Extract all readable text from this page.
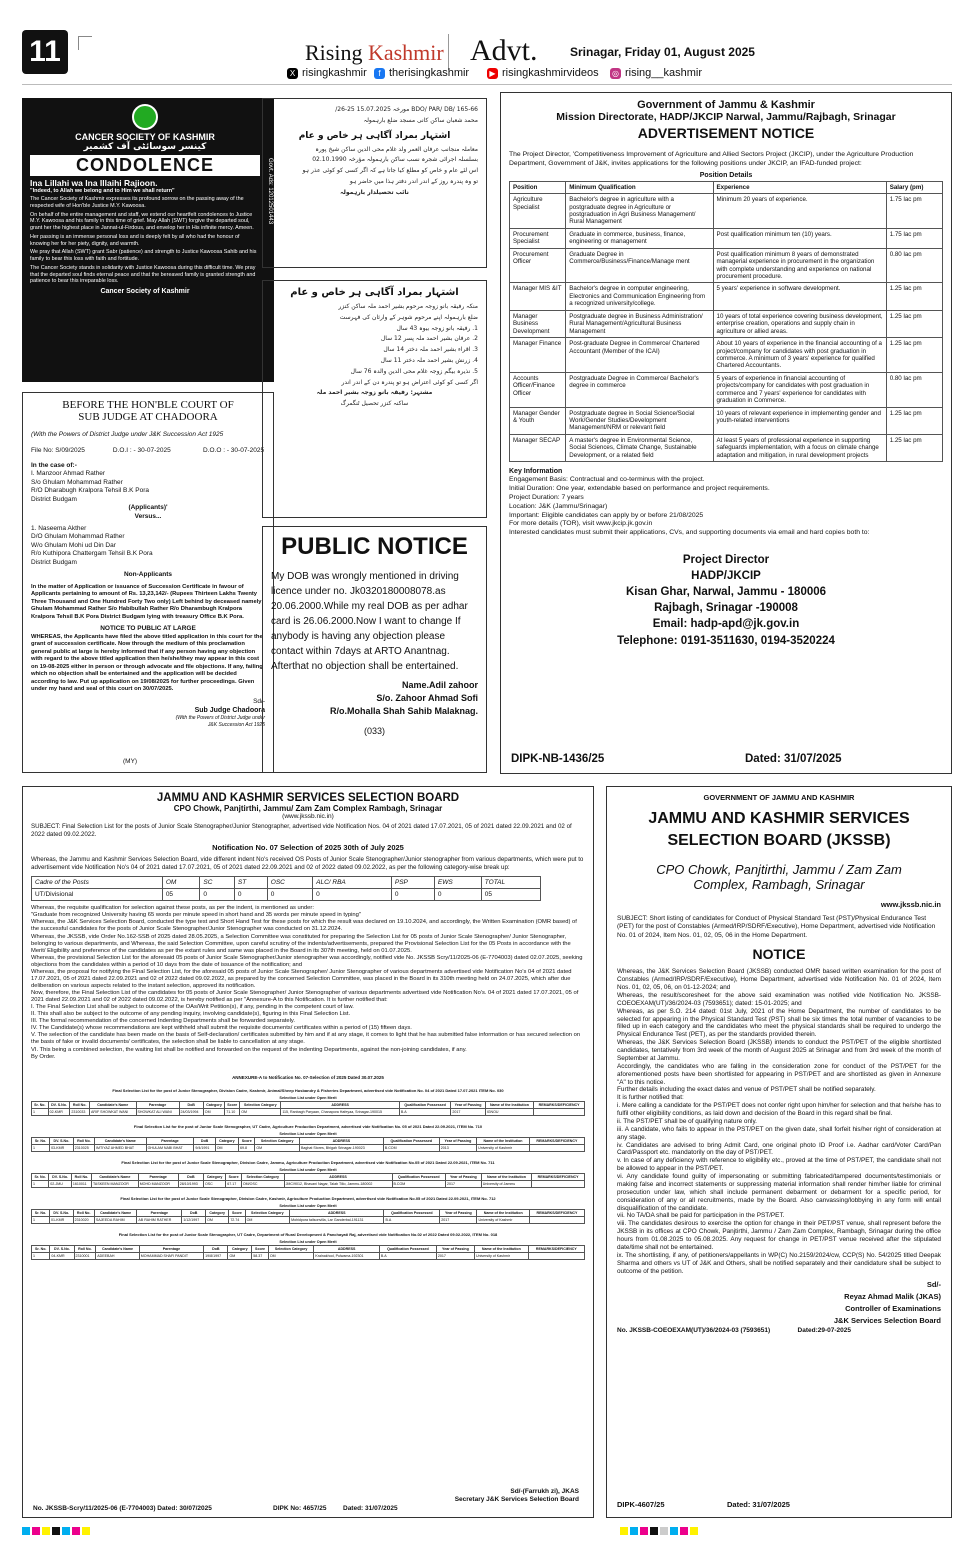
11	Rising Kashmir Advt.	Srinagar, Friday 01, August 2025
X risingkashmir	f therisingkashmir	▶ risingkashmirvideos ◎ rising__kashmir
CANCER SOCIETY OF KASHMIR
کینسر سوسائٹی آف کشمیر
CONDOLENCE
Ina Lillahi wa Ina Illaihi Rajioon.
"Indeed, to Allah we belong and to Him we shall return"
The Cancer Society of Kashmir expresses its profound sorrow on the passing away of the respected wife of Hon'ble Justice M.Y. Kawoosa.
On behalf of the entire management and staff, we extend our heartfelt condolences to Justice M.Y. Kawoosa and his family in this time of grief. May Allah (SWT) forgive the departed soul, grant her the highest place in Jannat-ul-Firdous, and envelop her in His infinite mercy. Ameen.
Her passing is an immense personal loss and is deeply felt by all who had the honour of knowing her for her piety, dignity, and warmth.
We pray that Allah (SWT) grant Sabr (patience) and strength to Justice Kawoosa Sahib and his family to bear this loss with faith and fortitude.
The Cancer Society stands in solidarity with Justice Kawoosa during this difficult time. We pray that the departed soul finds eternal peace and that the bereaved family is granted strength and patience to bear this irreparable loss.
Cancer Society of Kashmir
Govt. Ads: 12012501443
BEFORE THE HON'BLE COURT OF
SUB JUDGE AT CHADOORA
(With the Powers of District Judge under J&K Succession Act 1925
File No: S/09/2025	D.O.I : - 30-07-2025	D.O.O : - 30-07-2025
In the case of:-
I. Manzoor Ahmad Rather
S/o Ghulam Mohammad Rather
R/O Dharabugh Kralpora Tehsil B.K Pora
District Budgam
(Applicants)'
Versus...
1. Naseema Akther
D/O Ghulam Mohammad Rather
W/o Ghulam Mohi ud Din Dar
R/o Kuthipora Chattergam Tehsil B.K Pora
District Budgam
Non-Applicants
In the matter of Application or issuance of Succession Certificate in favour of Applicants pertaining to amount of Rs. 13,23,142/- (Rupees Thirteen Lakhs Twenty Three Thousand and One Hundred Forty Two only) Left behind by deceased namely Ghulam Mohammad Rather S/o Habibullah Rather R/o Dharambugh Kralpora Kralpora Tehsil B.K Pora District Budgam lying with treasury Office B.K Pora.
NOTICE TO PUBLIC AT LARGE
WHEREAS, the Applicants have filed the above titled application in this court for the grant of succession certificate. Now through the medium of this proclamation general public at large is hereby informed that if any person having any objection with regard to the above titled application then he/she/they may appear in this cost on 19-08-2025 either in person or through advocate and file objections. If any, failing which no objection shall be entertained and the application will be decided according to law. Put up application on 19/08/2025 for further proceedings. Given under my hand and seal of this court on 30/07/2025.
Sd/-
Sub Judge Chadoora
(With the Powers of District Judge under J&K Succession Act 1925
(MY)
BDO/ PAR/ DB/ 165-66 مورخہ 15.07.2025 25-26/
محمد شعبان ساکن کانی مسجد ضلع بارہمولہ
اشتہار بمراد آگاہی ہر خاص و عام
معاملہ منجانب عرفان العمر ولد غلام محی الدین ساکن شیخ پورہ
بسلسلہ اجرائی شجرہ نسب ساکن بارہمولہ مؤرخہ 02.10.1990
اس لئے عام و خاص کو مطلع کیا جاتا ہے کہ اگر کسی کو کوئی عذر ہو
تو وہ پندرہ روز کے اندر اندر دفتر ہذا میں حاضر ہو
نائب تحصیلدار بارہمولہ
اشتہار بمراد آگاہی ہر خاص و عام
منکہ رفیقہ بانو زوجہ مرحوم بشیر احمد ملہ ساکن کنزر
ضلع بارہمولہ اپنے مرحوم شوہر کے وارثان کی فہرست
1. رفیقہ بانو زوجہ بیوہ 43 سال
2. عرفان بشیر احمد ملہ پسر 12 سال
3. اقراء بشیر احمد ملہ دختر 14 سال
4. زرنش بشیر احمد ملہ دختر 11 سال
5. نذیرہ بیگم زوجہ غلام محی الدین والدہ 76 سال
اگر کسی کو کوئی اعتراض ہو تو پندرہ دن کے اندر اندر
مشتہر: رفیقہ بانو زوجہ بشیر احمد ملہ
ساکنہ کنزر تحصیل ٹنگمرگ
PUBLIC NOTICE
My DOB was wrongly mentioned in driving licence under no. Jk0320180008078.as 20.06.2000.While my real DOB as per adhar card is 26.06.2000.Now I want to change If anybody is having any objection please contact within 7days at ARTO Anantnag. Afterthat no objection shall be entertained.
Name.Adil zahoor
S/o. Zahoor Ahmad Sofi
R/o.Mohalla Shah Sahib Malaknag.
(033)
Government of Jammu & Kashmir
Mission Directorate, HADP/JKCIP Narwal, Jammu/Rajbagh, Srinagar
ADVERTISEMENT NOTICE
The Project Director, 'Competitiveness Improvement of Agriculture and Allied Sectors Project (JKCIP), under the Agriculture Production Department, Government of J&K, invites applications for the following positions under JKCIP, an IFAD-funded project:
Position Details
Position	Minimum Qualification	Experience	Salary (pm)
Agriculture Specialist	Bachelor's degree in agriculture with a postgraduate degree in Agriculture or postgraduation in Agri Business Management/ Rural Management	Minimum 20 years of experience.	1.75 lac pm
Procurement Specialist	Graduate in commerce, business, finance, engineering or management	Post qualification minimum ten (10) years.	1.75 lac pm
Procurement Officer	Graduate Degree in Commerce/Business/Finance/Manage ment	Post qualification minimum 8 years of demonstrated managerial experience in procurement in the organization with complete understanding and experience on national procurement procedure.	0.80 lac pm
Manager MIS &IT	Bachelor's degree in computer engineering, Electronics and Communication Engineering from a recognized university/college.	5 years' experience in software development.	1.25 lac pm
Manager Business Development	Postgraduate degree in Business Administration/ Rural Management/Agricultural Business Management	10 years of total experience covering business development, enterprise creation, operations and supply chain in agriculture or allied areas.	1.25 lac pm
Manager Finance	Post-graduate Degree in Commerce/ Chartered Accountant (Member of the ICAI)	About 10 years of experience in the financial accounting of a project/company for candidates with post graduation in commerce. A minimum of 3 years' experience for qualified Chartered Accountants.	1.25 lac pm
Accounts Officer/Finance Officer	Postgraduate Degree in Commerce/ Bachelor's degree in commerce	5 years of experience in financial accounting of projects/company for candidates with post graduation in commerce and 7 years' experience for candidates with graduation in Commerce.	0.80 lac pm
Manager Gender & Youth	Postgraduate degree in Social Science/Social Work/Gender Studies/Development Management/NRM or relevant field	10 years of relevant experience in implementing gender and youth-related interventions	1.25 lac pm
Manager SECAP	A master's degree in Environmental Science, Social Sciences, Climate Change, Sustainable Development, or a related field	At least 5 years of professional experience in supporting safeguards implementation, with a focus on climate change adaptation and mitigation, in rural development projects	1.25 lac pm
Key Information
Engagement Basis: Contractual and co-terminus with the project.
Initial Duration: One year, extendable based on performance and project requirements.
Project Duration: 7 years
Location: J&K (Jammu/Srinagar)
Important: Eligible candidates can apply by or before 21/08/2025
For more details (TOR), visit www.jkcip.jk.gov.in
Interested candidates must submit their applications, CVs, and supporting documents via email and hard copies both to:
Project Director
HADP/JKCIP
Kisan Ghar, Narwal, Jammu - 180006
Rajbagh, Srinagar -190008
Email: hadp-apd@jk.gov.in
Telephone: 0191-3511630, 0194-3520224
DIPK-NB-1436/25	Dated: 31/07/2025
JAMMU AND KASHMIR SERVICES SELECTION BOARD
CPO Chowk, Panjtirthi, Jammu/ Zam Zam Complex Rambagh, Srinagar
(www.jkssb.nic.in)
SUBJECT: Final Selection List for the posts of Junior Scale Stenographer/Junior Stenographer, advertised vide Notification Nos. 04 of 2021 dated 17.07.2021, 05 of 2021 dated 22.09.2021 and 02 of 2022 dated 09.02.2022.
Notification No. 07 Selection of 2025 30th of July 2025
Whereas, the Jammu and Kashmir Services Selection Board, vide different indent No's received OS Posts of Junior Scale Stenographer/Junior stenographer from various departments, which were put to advertisement vide Notification No's 04 of 2021 dated 17.07.2021, 05 of 2021 dated 22.09.2021 and 02 of 2022 dated 09.02.2022, as per the following category-wise break up:
Cadre of the Posts	OM	SC	ST	OSC	ALC/ RBA	PSP	EWS	TOTAL
UT/Divisional	05	0	0	0	0	0	0	05
Whereas, the requisite qualification for selection against these posts, as per the indent, is mentioned as under:
"Graduate from recognized University having 65 words per minute speed in short hand and 35 words per minute speed in typing"
Whereas, the J&K Services Selection Board, conducted the type test and Short Hand Test for these posts for which the result was declared on 19.10.2024, and accordingly, the Written Examination (OMR based) of the successful candidates for the posts of Junior Scale Stenographer/Junior Stenographer was conducted on 31.12.2024.
Whereas, the JKSSB, vide Order No.162-SSB of 2025 dated 28.05.2025, a Selection Committee was constituted for preparing the Selection List for 05 posts of Junior Scale Stenographer/ Junior Stenographer, belonging to various departments, and Whereas, the said Selection Committee, upon careful scrutiny of the indents/advertisements, prepared the Provisional Selection List for the 05 Posts in accordance with the Merit/ Eligibility and preference of the candidates as per the extant rules and same was placed in the Board in its 307th meeting, held on 01.07.2025.
Whereas, the provisional Selection List for the aforesaid 05 posts of Junior Scale Stenographer/Junior stenographer was accordingly, notified vide No. JKSSB Scry/11/2025-06 (E-7704003) dated 02.07.2025, seeking objections from the candidates within a period of 10 days from the date of issuance of the notification; and
Whereas, the proposal for notifying the Final Selection List, for the aforesaid 05 posts of Junior Scale Stenographer/ Junior Stenographer of various departments advertised vide Notification No's 04 of 2021 dated 17.07.2021, 05 of 2021 dated 22.09.2021 and 02 of 2022 dated 09.02.2022, as prepared by the concerned Selection Committee, was placed in the Board in its 310th meeting held on 24.07.2025, which after due deliberation on various aspects related to the instant selection, approved its notification.
Now, therefore, the Final Selection List of the candidates for 05 posts of Junior Scale Stenographer/ Junior Stenographer of various departments advertised vide Notification No's. 04 of 2021 dated 17.07.2021, 05 of 2021 dated 22.09.2021 and 02 of 2022 dated 09.02.2022, is hereby notified as per "Annexure-A to this Notification. It is further notified that:
I. The Final Selection List shall be subject to outcome of the OAs/Writ Petition(s), if any, pending in the competent court of law.
II. This shall also be subject to the outcome of any pending inquiry, involving candidate(s), figuring in this Final Selection List.
III. The formal recommendation of the concerned Indenting Departments shall be forwarded separately.
IV. The Candidate(s) whose recommendations are kept withheld shall submit the requisite documents/ certificates within a period of (15) fifteen days.
V. The selection of the candidate has been made on the basis of Self-declaration/ certificates submitted by him and if at any stage, it comes to light that he has submitted false information or has secured selection on the basis of fake or invalid documents/ certificates, the selection shall be liable to cancellation at any stage.
VI. This being a combined selection, the waiting list shall be notified and forwarded on the request of the indenting Departments, against the non-joining candidates, if any.
By Order.
ANNEXURE-A to Notification No. 07-Selection of 2025 Dated 30.07.2025
Final Selection List for the post of Junior Stenographer, Division Cadre, Kashmir, Animal/Sheep Husbandry & Fisheries Department, advertised vide Notification No. 04 of 2021 Dated 17.07.2021 ITEM No. 030
Selection List under Open Merit
Sr. No.	DV. S.No.	Roll No.	Candidate's Name	Parentage	DoB	Category	Score	Selection Category	ADDRESS	Qualification Possessed	Year of Passing	Name of the Institution	REMARKS/DEFICIENCY
1	02-KMR	2310033	ARIF SHOWKAT WANI	SHOWKAT ALI WANI	24/03/1994	OM	71.10	OM	115, Ranbagh Paryaan, Chanapora Hafeyaa, Srinagar-190015	B.A	2017	IGNOU	
Final Selection List for the post of Junior Scale Stenographer, UT Cadre, Agriculture Production Department, advertised vide Notification No. 05 of 2021 Dated 22.09.2021, ITEM No. 710
Selection List under Open Merit
Sr. No.	DV. S.No.	Roll No.	Candidate's Name	Parentage	DoB	Category	Score	Selection Category	ADDRESS	Qualification Possessed	Year of Passing	Name of the Institution	REMARKS/DEFICIENCY
1	03-KMR	2310025	IMTIYAZ AHMED BHAT	GHULAM NABI BHAT	9/4/1991	OM	69.8	OM	Baghat Stores, Bhigah Srinagar-190023	B.COM	2013	University of Kashmir	
Final Selection List for the post of Junior Scale Stenographer, Division Cadre, Jammu, Agriculture Production Department, advertised vide Notification No.05 of 2021 Dated 22.09.2021, ITEM No. 711
Selection List under Open Merit
Sr. No.	DV. S.No.	Roll No.	Candidate's Name	Parentage	DoB	Category	Score	Selection Category	ADDRESS	Qualification Possessed	Year of Passing	Name of the Institution	REMARKS/DEFICIENCY
1	02-JMU	1610011	TASKEEN MANZOOR	MOHD MANZOOR	28/10/1993	OSC	67.17	OM/OSC	JMC/9012, Bhavani Nagar, Talab Tillo, Jammu-180002	B.COM	2017	University of Jammu	
Final Selection List for the post of Junior Scale Stenographer, Division Cadre, Kashmir, Agriculture Production Department, advertised vide Notification No.05 of 2021 Dated 22.09.2021, ITEM No. 712
Selection List under Open Merit
Sr. No.	DV. S.No.	Roll No.	Candidate's Name	Parentage	DoB	Category	Score	Selection Category	ADDRESS	Qualification Possessed	Year of Passing	Name of the Institution	REMARKS/DEFICIENCY
1	01-KMR	2310020	SAJEEDA RAHIM	AB RAHIM RATHER	1/12/1997	OM	72.74	OM	Mohidpora tailsonvilla, Lar Ganderbal-191131	B.A	2017	University of Kashmir	
Final Selection List for the post of Junior Scale Stenographer, UT Cadre, Department of Rural Development & Panchayati Raj, advertised vide Notification No.02 of 2022 Dated 09.02.2022, ITEM No. 018
Selection List under Open Merit
Sr. No.	DV. S.No.	Roll No.	Candidate's Name	Parentage	DoB	Category	Score	Selection Category	ADDRESS	Qualification Possessed	Year of Passing	Name of the Institution	REMARKS/DEFICIENCY
1	04-KMR	2310001	ADEEBAH	MOHAMMAD SHAFI PANDIT	19/8/1997	OM	58.37	OM	Kralnakhod, Pulwama-192301	B.A	2017	University of Kashmir	
Sd/-(Farrukh zi), JKAS
Secretary J&K Services Selection Board
No. JKSSB-Scry/11/2025-06 (E-7704003) Dated: 30/07/2025	DIPK No: 4657/25	Dated: 31/07/2025
GOVERNMENT OF JAMMU AND KASHMIR
JAMMU AND KASHMIR SERVICES
SELECTION BOARD (JKSSB)
CPO Chowk, Panjtirthi, Jammu / Zam Zam
Complex, Rambagh, Srinagar
www.jkssb.nic.in
SUBJECT: Short listing of candidates for Conduct of Physical Standard Test (PST)/Physical Endurance Test (PET) for the post of Constables (Armed/IRP/SDRF/Executive), Home Department, advertised vide Notification No. 01 of 2024, Item Nos. 01, 02, 05, 06 in the Home Department.
NOTICE
Whereas, the J&K Services Selection Board (JKSSB) conducted OMR based written examination for the post of Constables (Armed/IRP/SDRF/Executive), Home Department, advertised vide Notification No. 01 of 2024, Item Nos. 01, 02, 05, 06, on 01-12-2024; and
Whereas, the result/scoresheet for the above said examination was notified vide Notification No. JKSSB-COEOEXAM(UT)/36/2024-03 (7593651); dated: 15-01-2025; and
Whereas, as per S.O. 214 dated: 01st July, 2021 of the Home Department, the number of candidates to be selected for appearing in the Physical Standard Test (PST) shall be six times the total number of vacancies to be filled up in each category and the candidates who meet the physical standards shall be required to undergo the Physical Endurance Test (PET), as per the standards provided therein.
Whereas, the J&K Services Selection Board (JKSSB) intends to conduct the PST/PET of the eligible shortlisted candidates, tentatively from 3rd week of the month of August 2025 at Srinagar and from 3rd week of the month of September at Jammu.
Accordingly, the candidates who are falling in the consideration zone for conduct of the PST/PET for the aforementioned posts have been shortlisted for appearing in PST/PET and are shortlisted as given in Annexure "A" to this notice.
Further details including the exact dates and venue of PST/PET shall be notified separately.
It is further notified that:
i. Mere calling a candidate for the PST/PET does not confer right upon him/her for selection and that he/she has to fulfil other eligibility conditions, as laid down and decision of the Board in this regard shall be final.
ii. The PST/PET shall be of qualifying nature only.
iii. A candidate, who fails to appear in the PST/PET on the given date, shall forfeit his/her right of consideration at any stage.
iv. Candidates are advised to bring Admit Card, one original photo ID Proof i.e. Aadhar card/Voter Card/Pan Card/Passport etc. mandatorily on the day of PST/PET.
v. In case of any deficiency with reference to eligibility etc., proved at the time of PST/PET, the candidate shall not be allowed to appear in the PST/PET.
vi. Any candidate found guilty of impersonating or submitting fabricated/tampered documents/testimonials or making false and incorrect statements or suppressing material information shall render him/her liable for criminal prosecution under law, which shall include permanent debarment or debarment for a specific period, for consideration of any or all recruitments, made by the Board. Also canvassing/lobbying in any form will entail disqualification of the candidate.
vii. No TA/DA shall be paid for participation in the PST/PET.
viii. The candidates desirous to exercise the option for change in their PET/PST venue, shall represent before the JKSSB in its offices at CPO Chowk, Panjtirthi, Jammu / Zam Zam Complex, Rambagh, Srinagar during the office hours from 01.08.2025 to 05.08.2025. Any request for change in PET/PST venue received after the stipulated date/time shall not be entertained.
ix. The shortlisting, if any, of petitioners/appellants in WP(C) No.2159/2024/cw, CCP(S) No. 54/2025 titled Deepak Sharma and others vs UT of J&K and Others, shall be notified separately and their candidature shall be subject to outcome of the petition.
Sd/-
Reyaz Ahmad Malik (JKAS)
Controller of Examinations
J&K Services Selection Board
No. JKSSB-COEOEXAM(UT)/36/2024-03 (7593651)	Dated:29-07-2025
DIPK-4607/25	Dated: 31/07/2025
